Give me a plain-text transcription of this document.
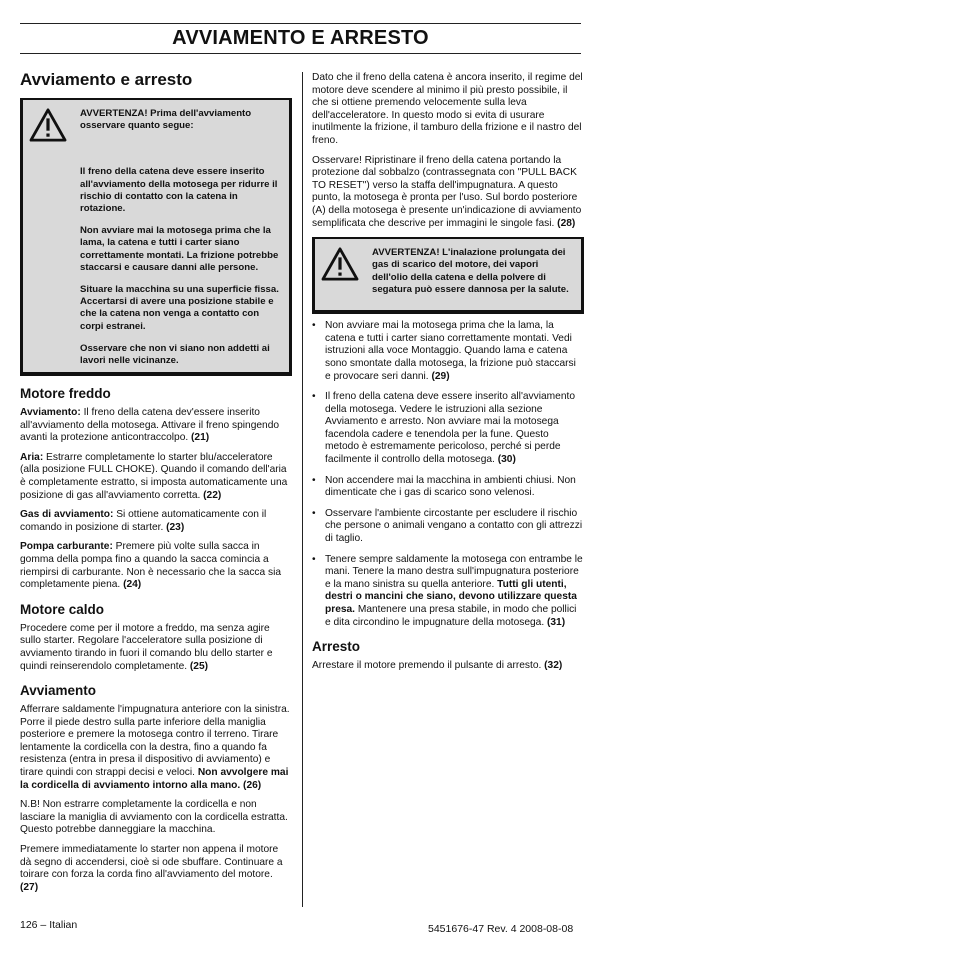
AVVIAMENTO E ARRESTO
Avviamento e arresto

AVVERTENZA! Prima dell'avviamento osservare quanto segue:

Il freno della catena deve essere inserito all'avviamento della motosega per ridurre il rischio di contatto con la catena in rotazione.

Non avviare mai la motosega prima che la lama, la catena e tutti i carter siano correttamente montati. La frizione potrebbe staccarsi e causare danni alle persone.

Situare la macchina su una superficie fissa. Accertarsi di avere una posizione stabile e che la catena non venga a contatto con corpi estranei.

Osservare che non vi siano non addetti ai lavori nelle vicinanze.

Motore freddo

Avviamento: Il freno della catena dev'essere inserito all'avviamento della motosega. Attivare il freno spingendo avanti la protezione anticontraccolpo. (21)

Aria: Estrarre completamente lo starter blu/acceleratore (alla posizione FULL CHOKE). Quando il comando dell'aria è completamente estratto, si imposta automaticamente una posizione di gas all'avviamento corretta. (22)

Gas di avviamento: Si ottiene automaticamente con il comando in posizione di starter. (23)

Pompa carburante: Premere più volte sulla sacca in gomma della pompa fino a quando la sacca comincia a riempirsi di carburante. Non è necessario che la sacca sia completamente piena. (24)

Motore caldo

Procedere come per il motore a freddo, ma senza agire sullo starter. Regolare l'acceleratore sulla posizione di avviamento tirando in fuori il comando blu dello starter e quindi reinserendolo completamente. (25)

Avviamento

Afferrare saldamente l'impugnatura anteriore con la sinistra. Porre il piede destro sulla parte inferiore della maniglia posteriore e premere la motosega contro il terreno. Tirare lentamente la cordicella con la destra, fino a quando fa resistenza (entra in presa il dispositivo di avviamento) e tirare quindi con strappi decisi e veloci. Non avvolgere mai la cordicella di avviamento intorno alla mano. (26)

N.B! Non estrarre completamente la cordicella e non lasciare la maniglia di avviamento con la cordicella estratta. Questo potrebbe danneggiare la macchina.

Premere immediatamente lo starter non appena il motore dà segno di accendersi, cioè si ode sbuffare. Continuare a toirare con forza la corda fino all'avviamento del motore. (27)

Dato che il freno della catena è ancora inserito, il regime del motore deve scendere al minimo il più presto possibile, il che si ottiene premendo velocemente sulla leva dell'acceleratore. In questo modo si evita di usurare inutilmente la frizione, il tamburo della frizione e il nastro del freno.

Osservare! Ripristinare il freno della catena portando la protezione dal sobbalzo (contrassegnata con "PULL BACK TO RESET") verso la staffa dell'impugnatura. A questo punto, la motosega è pronta per l'uso. Sul bordo posteriore (A) della motosega è presente un'indicazione di avviamento semplificata che descrive per immagini le singole fasi. (28)

AVVERTENZA! L'inalazione prolungata dei gas di scarico del motore, dei vapori dell'olio della catena e della polvere di segatura può essere dannosa per la salute.

• Non avviare mai la motosega prima che la lama, la catena e tutti i carter siano correttamente montati. Vedi istruzioni alla voce Montaggio. Quando lama e catena sono smontate dalla motosega, la frizione può staccarsi e provocare seri danni. (29)
• Il freno della catena deve essere inserito all'avviamento della motosega. Vedere le istruzioni alla sezione Avviamento e arresto. Non avviare mai la motosega facendola cadere e tenendola per la fune. Questo metodo è estremamente pericoloso, perché si perde facilmente il controllo della motosega. (30)
• Non accendere mai la macchina in ambienti chiusi. Non dimenticate che i gas di scarico sono velenosi.
• Osservare l'ambiente circostante per escludere il rischio che persone o animali vengano a contatto con gli attrezzi di taglio.
• Tenere sempre saldamente la motosega con entrambe le mani. Tenere la mano destra sull'impugnatura posteriore e la mano sinistra su quella anteriore. Tutti gli utenti, destri o mancini che siano, devono utilizzare questa presa. Mantenere una presa stabile, in modo che pollici e dita circondino le impugnature della motosega. (31)
Arresto

Arrestare il motore premendo il pulsante di arresto. (32)

126 – Italian	5451676-47 Rev. 4 2008-08-08
